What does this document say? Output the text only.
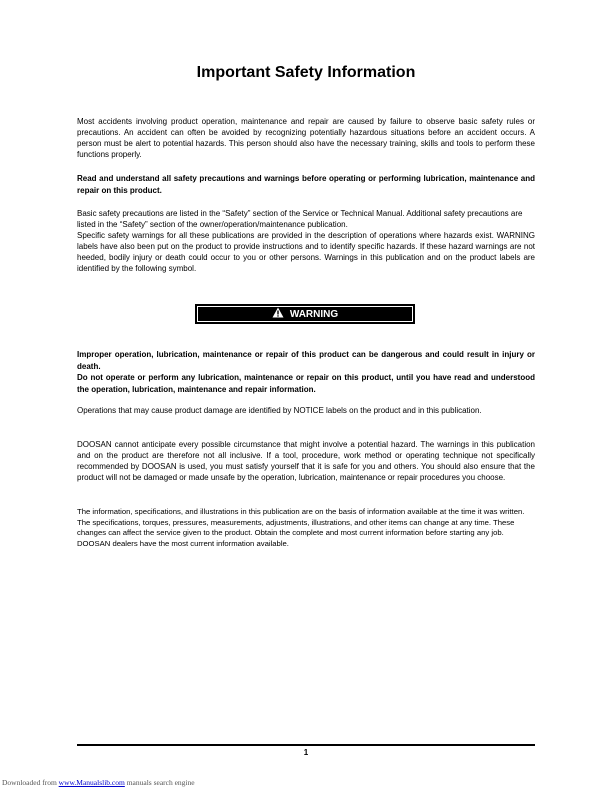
Important Safety Information

Most accidents involving product operation, maintenance and repair are caused by failure to observe basic safety rules or precautions. An accident can often be avoided by recognizing potentially hazardous situations before an accident occurs. A person must be alert to potential hazards. This person should also have the necessary training, skills and tools to perform these functions properly.

Read and understand all safety precautions and warnings before operating or performing lubrication, maintenance and repair on this product.

Basic safety precautions are listed in the “Safety” section of the Service or Technical Manual. Additional safety precautions are listed in the “Safety” section of the owner/operation/maintenance publication.

Specific safety warnings for all these publications are provided in the description of operations where hazards exist. WARNING labels have also been put on the product to provide instructions and to identify specific hazards. If these hazard warnings are not heeded, bodily injury or death could occur to you or other persons. Warnings in this publication and on the product labels are identified by the following symbol.

WARNING

Improper operation, lubrication, maintenance or repair of this product can be dangerous and could result in injury or death.

Do not operate or perform any lubrication, maintenance or repair on this product, until you have read and understood the operation, lubrication, maintenance and repair information.

Operations that may cause product damage are identified by NOTICE labels on the product and in this publication.

DOOSAN cannot anticipate every possible circumstance that might involve a potential hazard. The warnings in this publication and on the product are therefore not all inclusive. If a tool, procedure, work method or operating technique not specifically recommended by DOOSAN is used, you must satisfy yourself that it is safe for you and others. You should also ensure that the product will not be damaged or made unsafe by the operation, lubrication, maintenance or repair procedures you choose.

The information, specifications, and illustrations in this publication are on the basis of information available at the time it was written. The specifications, torques, pressures, measurements, adjustments, illustrations, and other items can change at any time. These changes can affect the service given to the product. Obtain the complete and most current information before starting any job. DOOSAN dealers have the most current information available.

1
Downloaded from www.Manualslib.com manuals search engine
